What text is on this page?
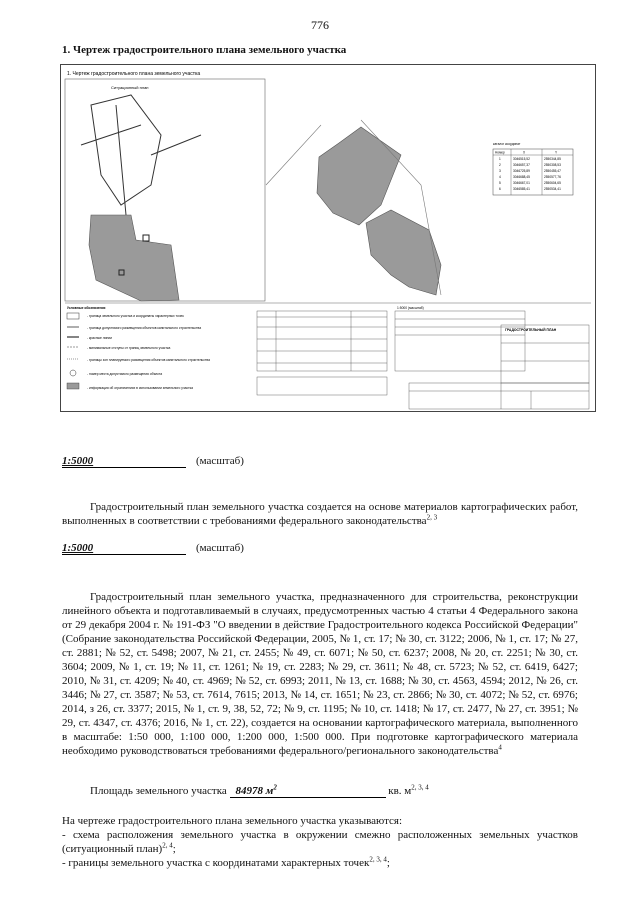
776
1. Чертеж градостроительного плана земельного участка
1. Чертеж градостроительного плана земельного участка
Ситуационный план
каталог координат
Номер	X	Y
1	3046515,52	2550344,85
2	3046657,37	2550308,53
3	3046725,89	2550455,47
4	3046688,45	2550577,76
5	3046667,01	2550604,65
6	3046585,41	2550534,41
Условные обозначения
- граница земельного участка и координаты характерных точек
- граница допустимого размещения объектов капитального строительства
- красные линии
- минимальные отступы от границ земельного участка
- границы зон планируемого размещения объектов капитального строительства
- номер места допустимого размещения объекта
- информация об ограничениях в использовании земельного участка
1:5000 (масштаб)
ГРАДОСТРОИТЕЛЬНЫЙ ПЛАН
1:5000	(масштаб)
Градостроительный план земельного участка создается на основе материалов картографических работ, выполненных в соответствии с требованиями федерального законодательства$^{2, 3}$
1:5000	(масштаб)
Градостроительный план земельного участка, предназначенного для строительства, реконструкции линейного объекта и подготавливаемый в случаях, предусмотренных частью 4 статьи 4 Федерального закона от 29 декабря 2004 г. № 191-ФЗ "О введении в действие Градостроительного кодекса Российской Федерации" (Собрание законодательства Российской Федерации, 2005, № 1, ст. 17; № 30, ст. 3122; 2006, № 1, ст. 17; № 27, ст. 2881; № 52, ст. 5498; 2007, № 21, ст. 2455; № 49, ст. 6071; № 50, ст. 6237; 2008, № 20, ст. 2251; № 30, ст. 3604; 2009, № 1, ст. 19; № 11, ст. 1261; № 19, ст. 2283; № 29, ст. 3611; № 48, ст. 5723; № 52, ст. 6419, 6427; 2010, № 31, ст. 4209; № 40, ст. 4969; № 52, ст. 6993; 2011, № 13, ст. 1688; № 30, ст. 4563, 4594; 2012, № 26, ст. 3446; № 27, ст. 3587; № 53, ст. 7614, 7615; 2013, № 14, ст. 1651; № 23, ст. 2866; № 30, ст. 4072; № 52, ст. 6976; 2014, з 26, ст. 3377; 2015, № 1, ст. 9, 38, 52, 72; № 9, ст. 1195; № 10, ст. 1418; № 17, ст. 2477, № 27, ст. 3951; № 29, ст. 4347, ст. 4376; 2016, № 1, ст. 22), создается на основании картографического материала, выполненного в масштабе: 1:50 000, 1:100 000, 1:200 000, 1:500 000. При подготовке картографического материала необходимо руководствоваться требованиями федерального/регионального законодательства$^4$
Площадь земельного участка 84978 $м^2$	кв. $м^{2, 3, 4}$
На чертеже градостроительного плана земельного участка указываются:
- схема расположения земельного участка в окружении смежно расположенных земельных участков (ситуационный план)$^{2, 4}$;
- границы земельного участка с координатами характерных точек$^{2, 3, 4}$;
